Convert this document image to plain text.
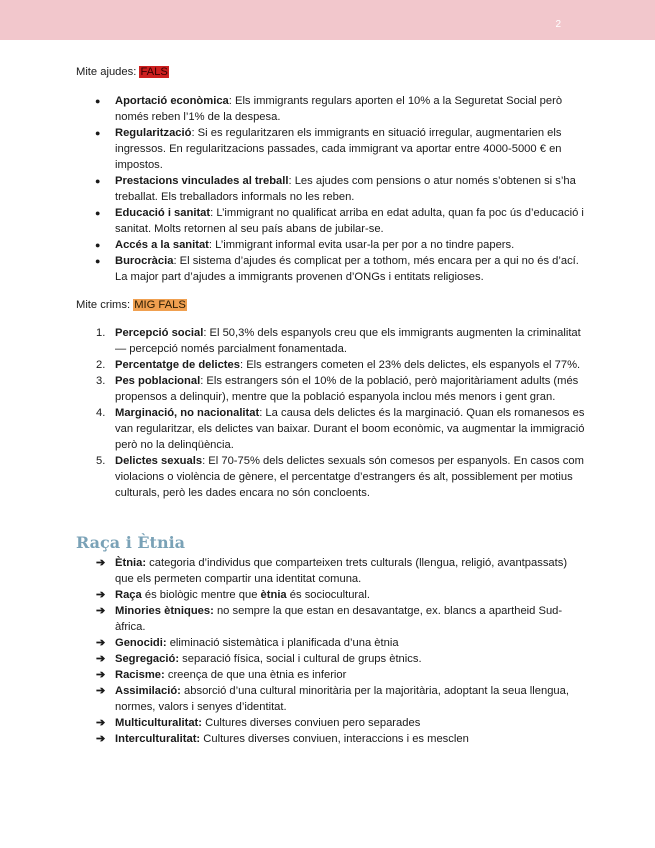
2

Mite ajudes: FALS

● Aportació econòmica: Els immigrants regulars aporten el 10% a la Seguretat Social però només reben l’1% de la despesa.
● Regularització: Si es regularitzaren els immigrants en situació irregular, augmentarien els ingressos. En regularitzacions passades, cada immigrant va aportar entre 4000-5000 € en impostos.
● Prestacions vinculades al treball: Les ajudes com pensions o atur només s’obtenen si s’ha treballat. Els treballadors informals no les reben.
● Educació i sanitat: L’immigrant no qualificat arriba en edat adulta, quan fa poc ús d’educació i sanitat. Molts retornen al seu país abans de jubilar-se.
● Accés a la sanitat: L’immigrant informal evita usar-la per por a no tindre papers.
● Burocràcia: El sistema d’ajudes és complicat per a tothom, més encara per a qui no és d’ací. La major part d’ajudes a immigrants provenen d’ONGs i entitats religioses.

Mite crims: MIG FALS

1. Percepció social: El 50,3% dels espanyols creu que els immigrants augmenten la criminalitat — percepció només parcialment fonamentada.
2. Percentatge de delictes: Els estrangers cometen el 23% dels delictes, els espanyols el 77%.
3. Pes poblacional: Els estrangers són el 10% de la població, però majoritàriament adults (més propensos a delinquir), mentre que la població espanyola inclou més menors i gent gran.
4. Marginació, no nacionalitat: La causa dels delictes és la marginació. Quan els romanesos es van regularitzar, els delictes van baixar. Durant el boom econòmic, va augmentar la immigració però no la delinqüència.
5. Delictes sexuals: El 70-75% dels delictes sexuals són comesos per espanyols. En casos com violacions o violència de gènere, el percentatge d’estrangers és alt, possiblement per motius culturals, però les dades encara no són concloents.
Raça i Ètnia
➔ Ètnia: categoria d’individus que comparteixen trets culturals (llengua, religió, avantpassats) que els permeten compartir una identitat comuna.
➔ Raça és biològic mentre que ètnia és sociocultural.
➔ Minories ètniques: no sempre la que estan en desavantatge, ex. blancs a apartheid Sud-àfrica.
➔ Genocidi: eliminació sistemàtica i planificada d’una ètnia
➔ Segregació: separació física, social i cultural de grups ètnics.
➔ Racisme: creença de que una ètnia es inferior
➔ Assimilació: absorció d’una cultural minoritària per la majoritària, adoptant la seua llengua, normes, valors i senyes d’identitat.
➔ Multiculturalitat: Cultures diverses conviuen pero separades
➔ Interculturalitat: Cultures diverses conviuen, interaccions i es mesclen
